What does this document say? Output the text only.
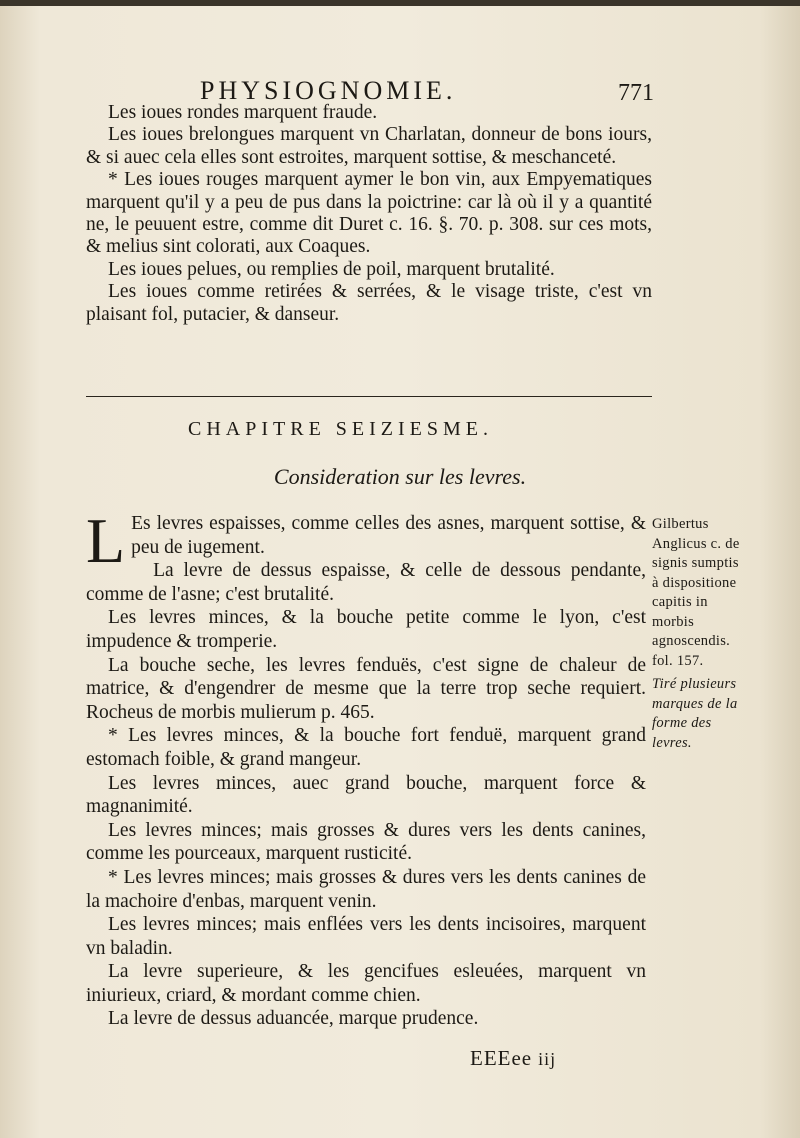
PHYSIOGNOMIE.	771

Les ioues rondes marquent fraude.

Les ioues brelongues marquent vn Charlatan, donneur de bons iours, & si auec cela elles sont estroites, marquent sottise, & meschanceté.

* Les ioues rouges marquent aymer le bon vin, aux Empyematiques marquent qu'il y a peu de pus dans la poictrine: car là où il y a quantité ne, le peuuent estre, comme dit Duret c. 16. §. 70. p. 308. sur ces mots, & melius sint colorati, aux Coaques.

Les ioues pelues, ou remplies de poil, marquent brutalité.

Les ioues comme retirées & serrées, & le visage triste, c'est vn plaisant fol, putacier, & danseur.

CHAPITRE SEIZIESME.
Consideration sur les levres.

L Es levres espaisses, comme celles des asnes, marquent sottise, & peu de iugement.

La levre de dessus espaisse, & celle de dessous pendante, comme de l'asne; c'est brutalité.

Les levres minces, & la bouche petite comme le lyon, c'est impudence & tromperie.

La bouche seche, les levres fenduës, c'est signe de chaleur de matrice, & d'engendrer de mesme que la terre trop seche requiert. Rocheus de morbis mulierum p. 465.

* Les levres minces, & la bouche fort fenduë, marquent grand estomach foible, & grand mangeur.

Les levres minces, auec grand bouche, marquent force & magnanimité.

Les levres minces; mais grosses & dures vers les dents canines, comme les pourceaux, marquent rusticité.

* Les levres minces; mais grosses & dures vers les dents canines de la machoire d'enbas, marquent venin.

Les levres minces; mais enflées vers les dents incisoires, marquent vn baladin.

La levre superieure, & les gencifues esleuées, marquent vn iniurieux, criard, & mordant comme chien.

La levre de dessus aduancée, marque prudence.

Gilbertus Anglicus c. de signis sumptis à dispositione capitis in morbis agnoscendis. fol. 157.

Tiré plusieurs marques de la forme des levres.

EEEee iij
